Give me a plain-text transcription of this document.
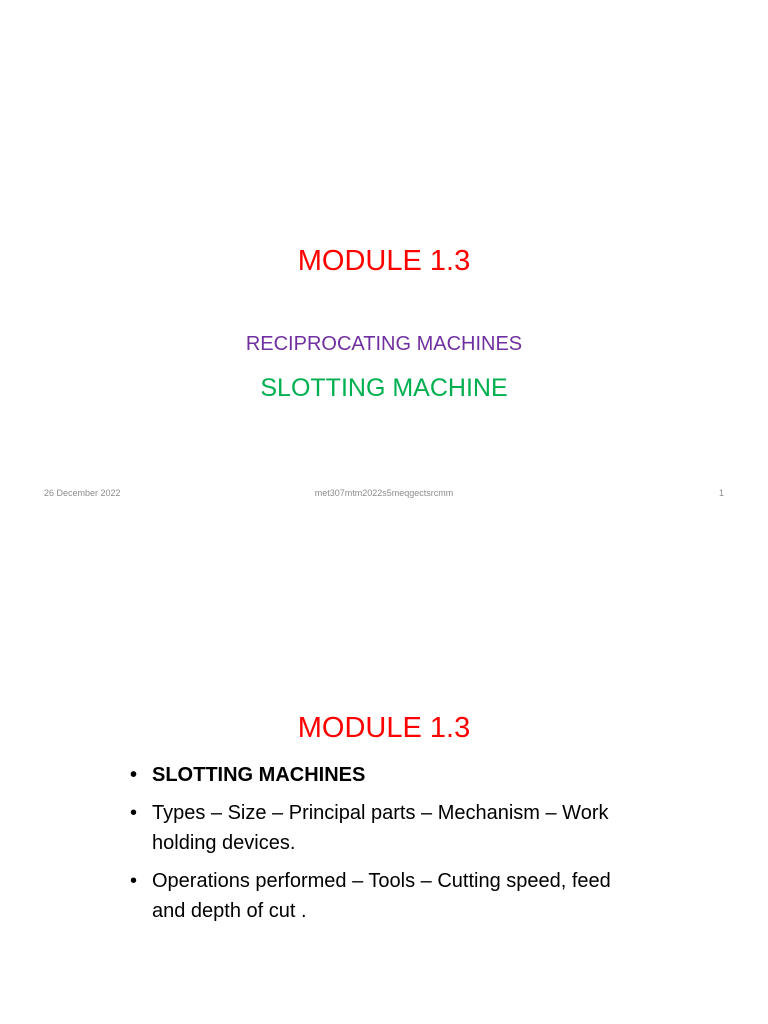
MODULE 1.3
RECIPROCATING MACHINES
SLOTTING MACHINE
26 December 2022	met307mtm2022s5meqgectsrcmm	1
MODULE 1.3
• SLOTTING MACHINES
• Types – Size – Principal parts – Mechanism – Work holding devices.
• Operations performed – Tools – Cutting speed, feed and depth of cut .
